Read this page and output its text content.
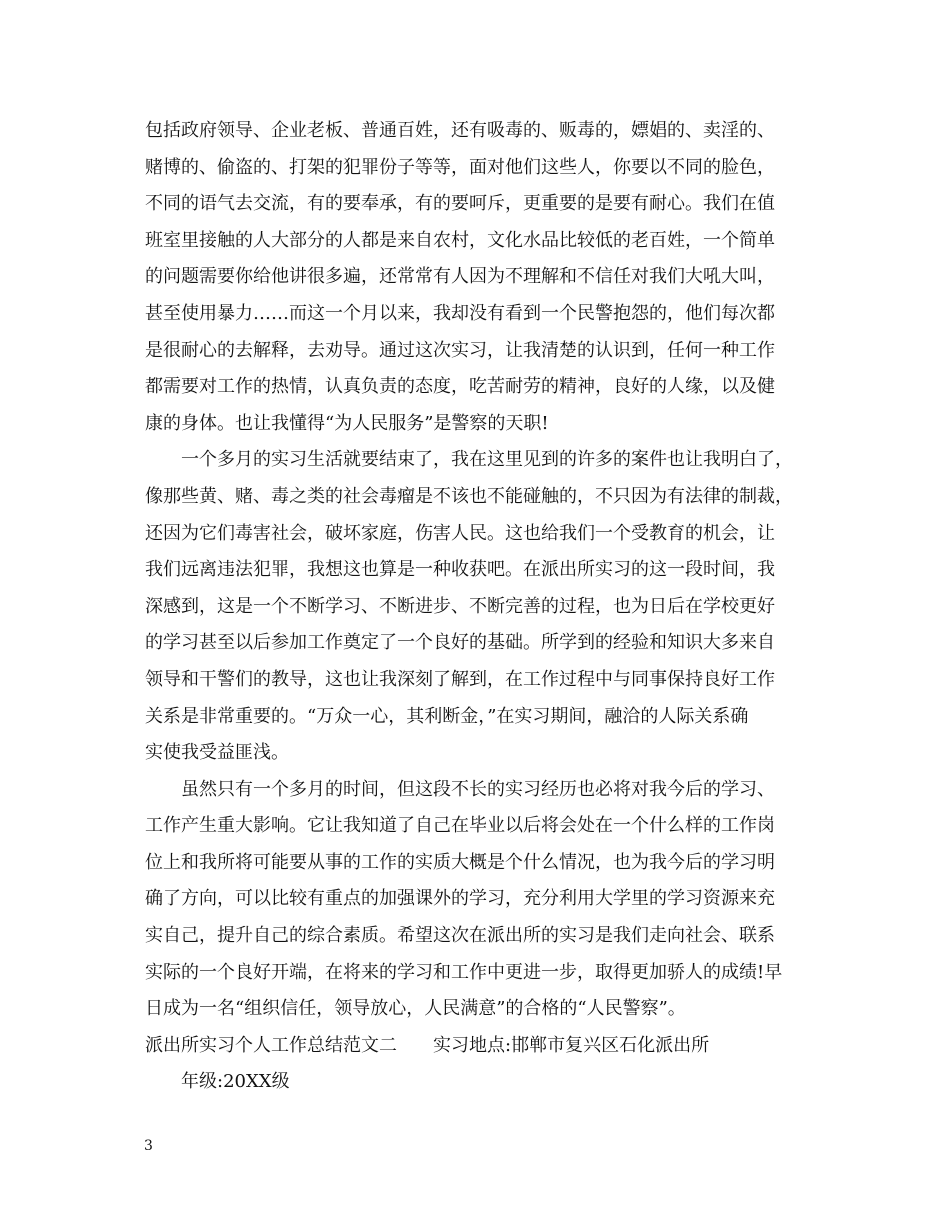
包括政府领导、企业老板、普通百姓，还有吸毒的、贩毒的，嫖娼的、卖淫的、
赌博的、偷盗的、打架的犯罪份子等等，面对他们这些人，你要以不同的脸色，
不同的语气去交流，有的要奉承，有的要呵斥，更重要的是要有耐心。我们在值
班室里接触的人大部分的人都是来自农村，文化水品比较低的老百姓，一个简单
的问题需要你给他讲很多遍，还常常有人因为不理解和不信任对我们大吼大叫，
甚至使用暴力……而这一个月以来，我却没有看到一个民警抱怨的，他们每次都
是很耐心的去解释，去劝导。通过这次实习，让我清楚的认识到，任何一种工作
都需要对工作的热情，认真负责的态度，吃苦耐劳的精神，良好的人缘，以及健
康的身体。也让我懂得“为人民服务”是警察的天职!
一个多月的实习生活就要结束了，我在这里见到的许多的案件也让我明白了，
像那些黄、赌、毒之类的社会毒瘤是不该也不能碰触的，不只因为有法律的制裁，
还因为它们毒害社会，破坏家庭，伤害人民。这也给我们一个受教育的机会，让
我们远离违法犯罪，我想这也算是一种收获吧。在派出所实习的这一段时间，我
深感到，这是一个不断学习、不断进步、不断完善的过程，也为日后在学校更好
的学习甚至以后参加工作奠定了一个良好的基础。所学到的经验和知识大多来自
领导和干警们的教导，这也让我深刻了解到，在工作过程中与同事保持良好工作
关系是非常重要的。“万众一心，其利断金，”在实习期间，融洽的人际关系确
实使我受益匪浅。
虽然只有一个多月的时间，但这段不长的实习经历也必将对我今后的学习、
工作产生重大影响。它让我知道了自己在毕业以后将会处在一个什么样的工作岗
位上和我所将可能要从事的工作的实质大概是个什么情况，也为我今后的学习明
确了方向，可以比较有重点的加强课外的学习，充分利用大学里的学习资源来充
实自己，提升自己的综合素质。希望这次在派出所的实习是我们走向社会、联系
实际的一个良好开端，在将来的学习和工作中更进一步，取得更加骄人的成绩!早
日成为一名“组织信任，领导放心，人民满意”的合格的“人民警察”。
派出所实习个人工作总结范文二 实习地点:邯郸市复兴区石化派出所
年级:20XX级
3
